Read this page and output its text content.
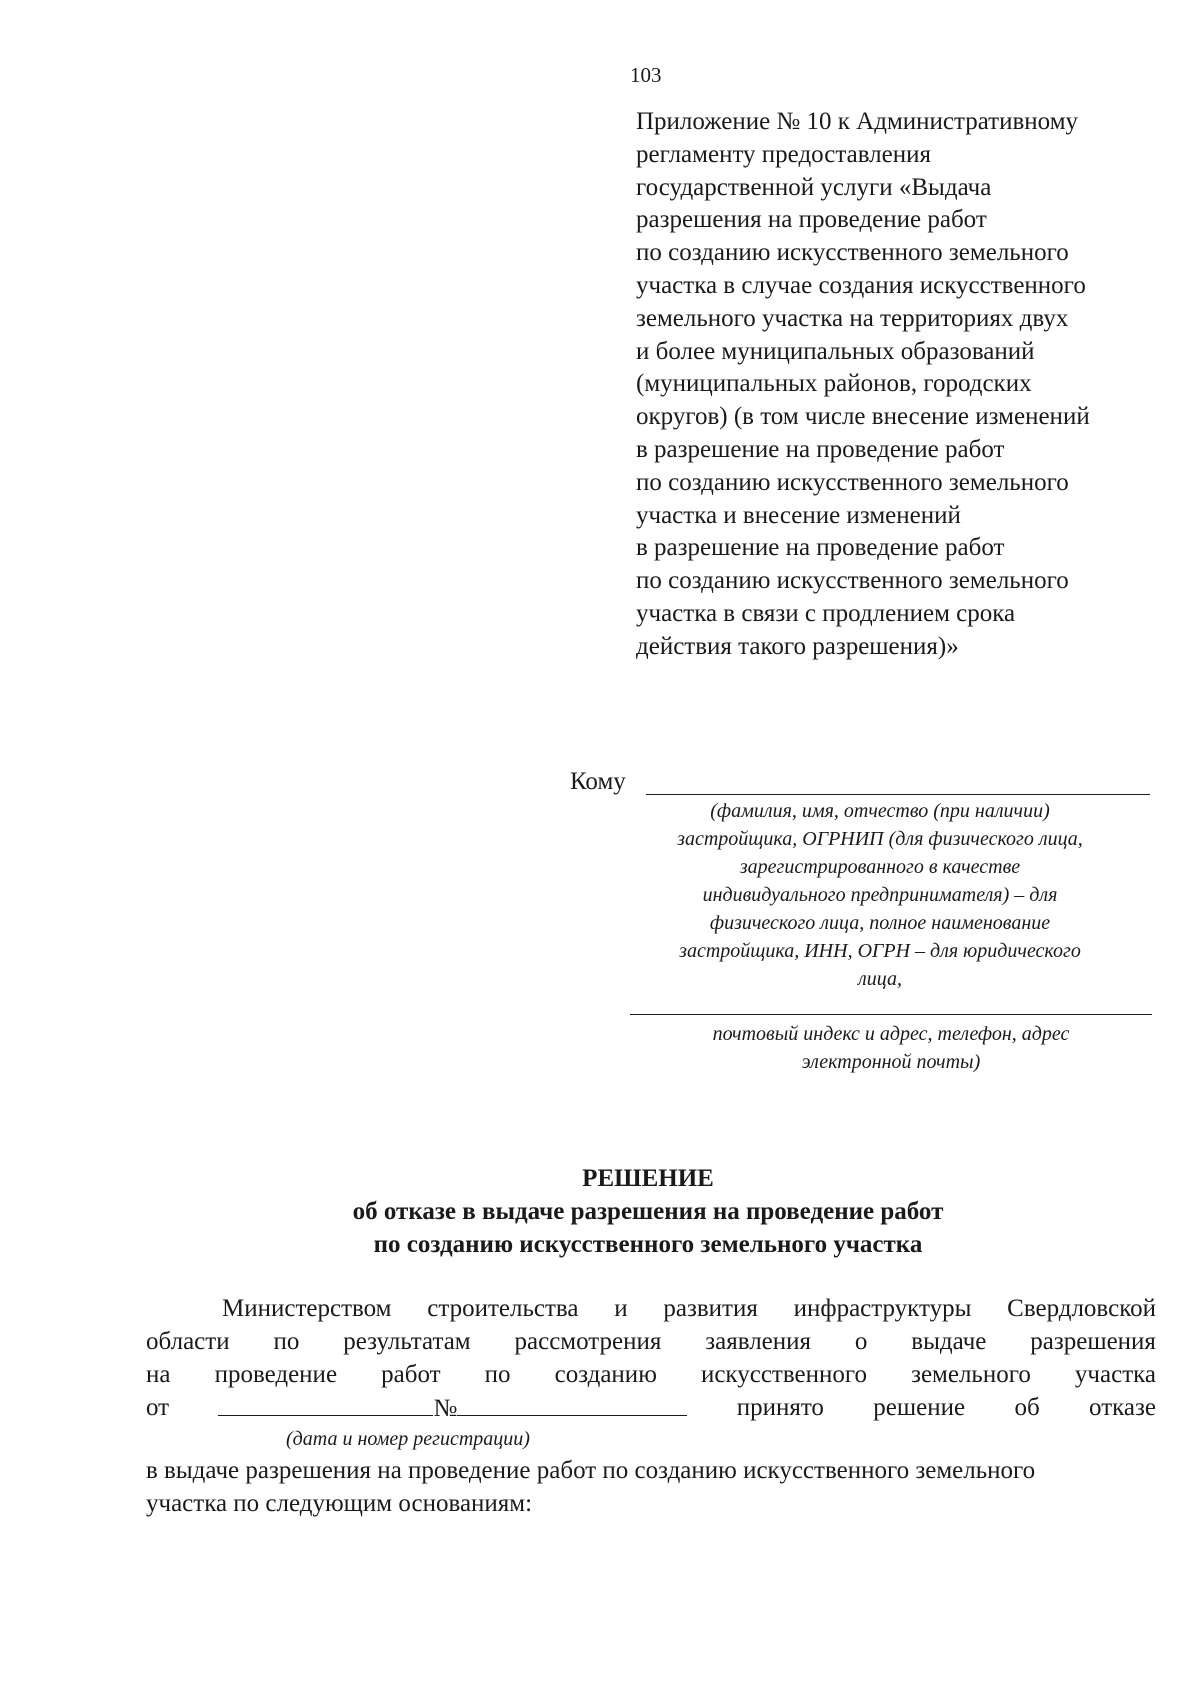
103
Приложение № 10 к Административному
регламенту предоставления
государственной услуги «Выдача
разрешения на проведение работ
по созданию искусственного земельного
участка в случае создания искусственного
земельного участка на территориях двух
и более муниципальных образований
(муниципальных районов, городских
округов) (в том числе внесение изменений
в разрешение на проведение работ
по созданию искусственного земельного
участка и внесение изменений
в разрешение на проведение работ
по созданию искусственного земельного
участка в связи с продлением срока
действия такого разрешения)»
Кому
(фамилия, имя, отчество (при наличии)
застройщика, ОГРНИП (для физического лица,
зарегистрированного в качестве
индивидуального предпринимателя) – для
физического лица, полное наименование
застройщика, ИНН, ОГРН – для юридического
лица,
почтовый индекс и адрес, телефон, адрес
электронной почты)
РЕШЕНИЕ
об отказе в выдаче разрешения на проведение работ
по созданию искусственного земельного участка
Министерством строительства и развития инфраструктуры Свердловской
области по результатам рассмотрения заявления о выдаче разрешения
на проведение работ по созданию искусственного земельного участка
от	№	принято решение об отказе
(дата и номер регистрации)
в выдаче разрешения на проведение работ по созданию искусственного земельного
участка по следующим основаниям:
